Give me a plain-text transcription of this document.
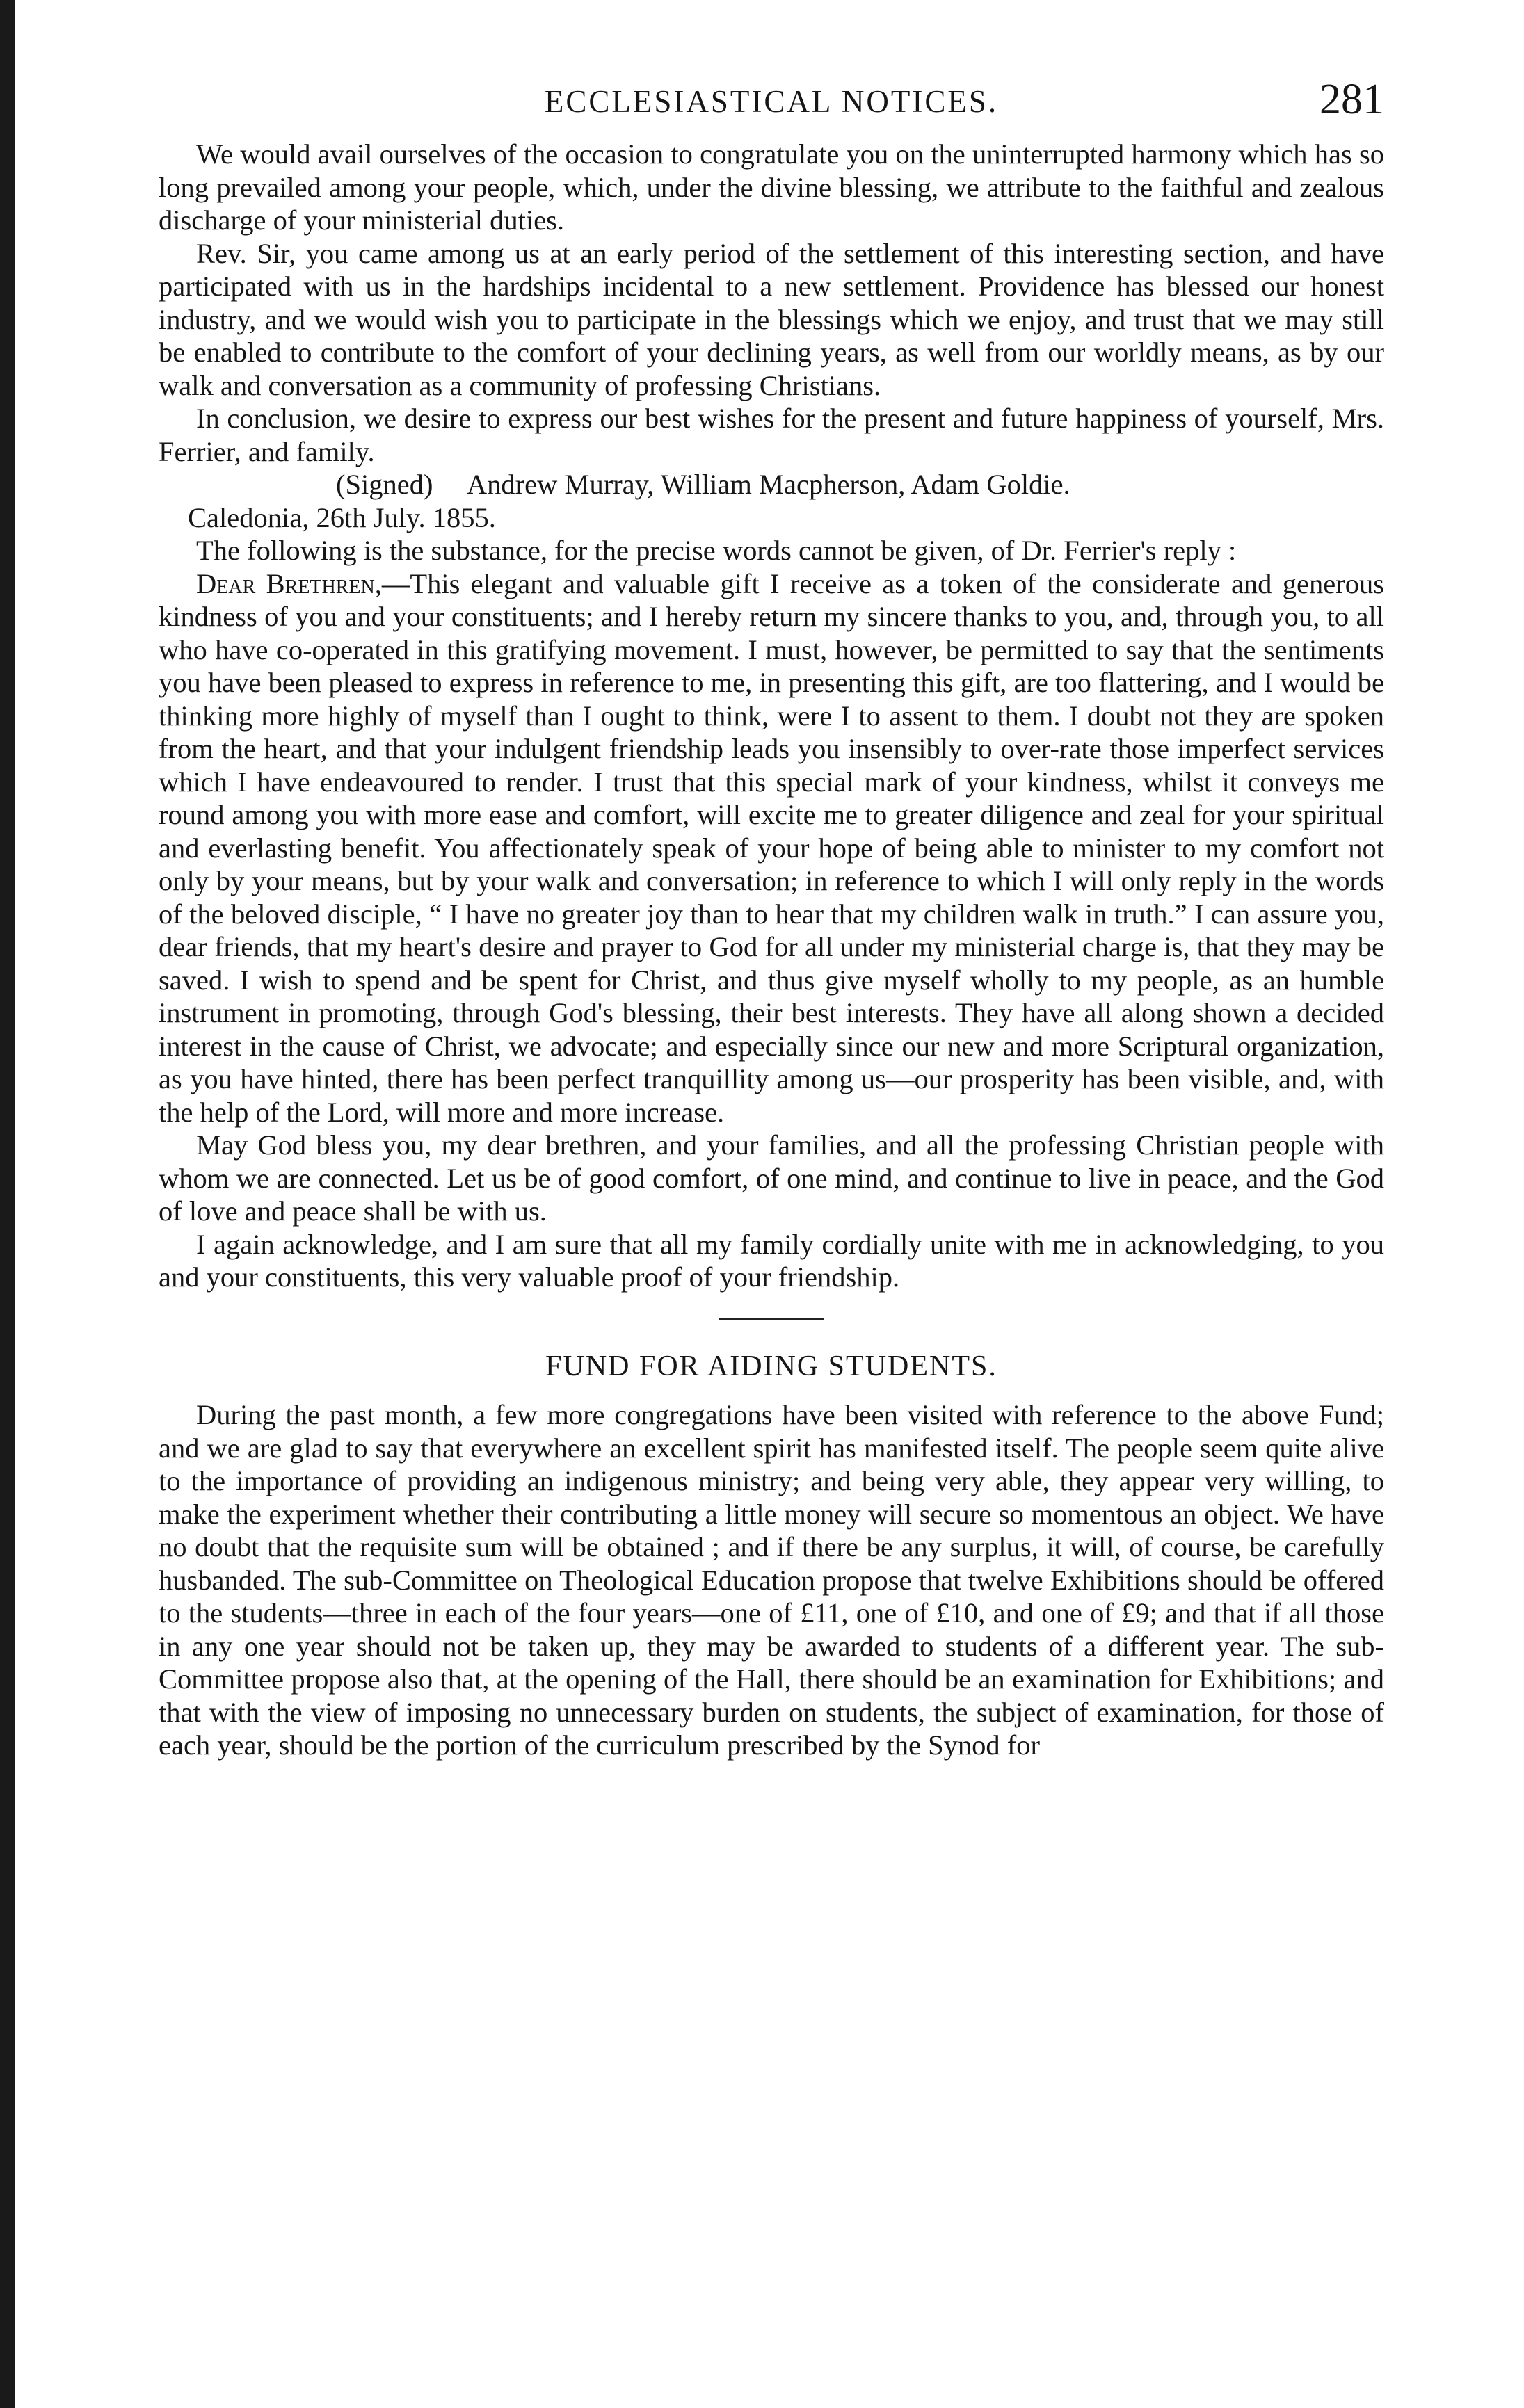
ECCLESIASTICAL NOTICES.	281

We would avail ourselves of the occasion to congratulate you on the uninterrupted harmony which has so long prevailed among your people, which, under the divine blessing, we attribute to the faithful and zealous discharge of your ministerial duties.

Rev. Sir, you came among us at an early period of the settlement of this interesting section, and have participated with us in the hardships incidental to a new settlement. Providence has blessed our honest industry, and we would wish you to participate in the blessings which we enjoy, and trust that we may still be enabled to contribute to the comfort of your declining years, as well from our worldly means, as by our walk and conversation as a community of professing Christians.

In conclusion, we desire to express our best wishes for the present and future happiness of yourself, Mrs. Ferrier, and family.

(Signed)     Andrew Murray, William Macpherson, Adam Goldie.

Caledonia, 26th July. 1855.

The following is the substance, for the precise words cannot be given, of Dr. Ferrier's reply :

Dear Brethren,—This elegant and valuable gift I receive as a token of the considerate and generous kindness of you and your constituents; and I hereby return my sincere thanks to you, and, through you, to all who have co-operated in this gratifying movement. I must, however, be permitted to say that the sentiments you have been pleased to express in reference to me, in presenting this gift, are too flattering, and I would be thinking more highly of myself than I ought to think, were I to assent to them. I doubt not they are spoken from the heart, and that your indulgent friendship leads you insensibly to over-rate those imperfect services which I have endeavoured to render. I trust that this special mark of your kindness, whilst it conveys me round among you with more ease and comfort, will excite me to greater diligence and zeal for your spiritual and everlasting benefit. You affectionately speak of your hope of being able to minister to my comfort not only by your means, but by your walk and conversation; in reference to which I will only reply in the words of the beloved disciple, “ I have no greater joy than to hear that my children walk in truth.” I can assure you, dear friends, that my heart's desire and prayer to God for all under my ministerial charge is, that they may be saved. I wish to spend and be spent for Christ, and thus give myself wholly to my people, as an humble instrument in promoting, through God's blessing, their best interests. They have all along shown a decided interest in the cause of Christ, we advocate; and especially since our new and more Scriptural organization, as you have hinted, there has been perfect tranquillity among us—our prosperity has been visible, and, with the help of the Lord, will more and more increase.

May God bless you, my dear brethren, and your families, and all the professing Christian people with whom we are connected. Let us be of good comfort, of one mind, and continue to live in peace, and the God of love and peace shall be with us.

I again acknowledge, and I am sure that all my family cordially unite with me in acknowledging, to you and your constituents, this very valuable proof of your friendship.

FUND FOR AIDING STUDENTS.

During the past month, a few more congregations have been visited with reference to the above Fund; and we are glad to say that everywhere an excellent spirit has manifested itself. The people seem quite alive to the importance of providing an indigenous ministry; and being very able, they appear very willing, to make the experiment whether their contributing a little money will secure so momentous an object. We have no doubt that the requisite sum will be obtained ; and if there be any surplus, it will, of course, be carefully husbanded. The sub-Committee on Theological Education propose that twelve Exhibitions should be offered to the students—three in each of the four years—one of £11, one of £10, and one of £9; and that if all those in any one year should not be taken up, they may be awarded to students of a different year. The sub-Committee propose also that, at the opening of the Hall, there should be an examination for Exhibitions; and that with the view of imposing no unnecessary burden on students, the subject of examination, for those of each year, should be the portion of the curriculum prescribed by the Synod for
